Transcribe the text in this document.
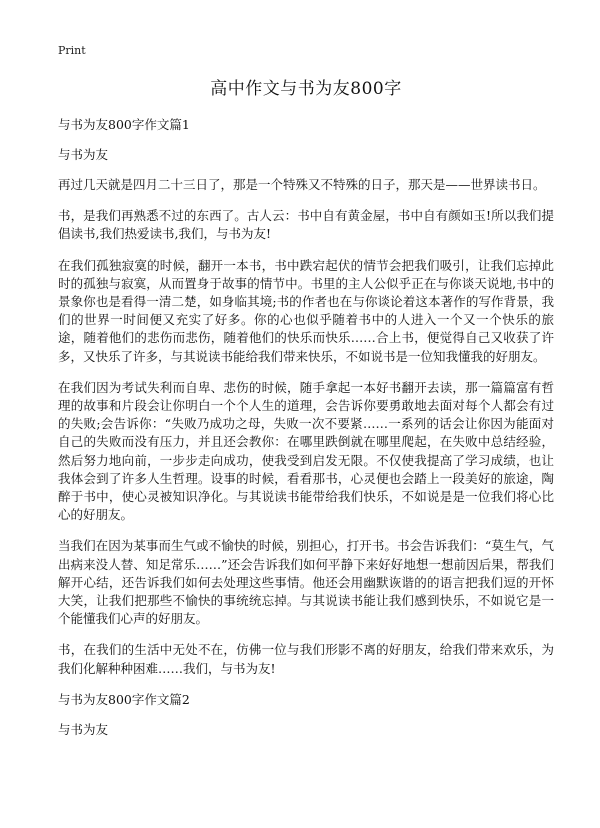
Print
高中作文与书为友800字
与书为友800字作文篇1
与书为友

再过几天就是四月二十三日了，那是一个特殊又不特殊的日子，那天是——世界读书日。

书，是我们再熟悉不过的东西了。古人云：书中自有黄金屋，书中自有颜如玉!所以我们提倡读书,我们热爱读书,我们，与书为友!

在我们孤独寂寞的时候，翻开一本书，书中跌宕起伏的情节会把我们吸引，让我们忘掉此时的孤独与寂寞，从而置身于故事的情节中。书里的主人公似乎正在与你谈天说地,书中的景象你也是看得一清二楚，如身临其境;书的作者也在与你谈论着这本著作的写作背景，我们的世界一时间便又充实了好多。你的心也似乎随着书中的人进入一个又一个快乐的旅途，随着他们的悲伤而悲伤，随着他们的快乐而快乐……合上书，便觉得自己又收获了许多，又快乐了许多，与其说读书能给我们带来快乐，不如说书是一位知我懂我的好朋友。

在我们因为考试失利而自卑、悲伤的时候，随手拿起一本好书翻开去读，那一篇篇富有哲理的故事和片段会让你明白一个个人生的道理，会告诉你要勇敢地去面对每个人都会有过的失败;会告诉你：“失败乃成功之母，失败一次不要紧……一系列的话会让你因为能面对自己的失败而没有压力，并且还会教你：在哪里跌倒就在哪里爬起，在失败中总结经验，然后努力地向前，一步步走向成功，使我受到启发无限。不仅使我提高了学习成绩，也让我体会到了许多人生哲理。设事的时候，看看那书，心灵便也会踏上一段美好的旅途，陶醉于书中，使心灵被知识净化。与其说读书能带给我们快乐，不如说是是一位我们将心比心的好朋友。

当我们在因为某事而生气或不愉快的时候，别担心，打开书。书会告诉我们：“莫生气，气出病来没人替、知足常乐……”还会告诉我们如何平静下来好好地想一想前因后果，帮我们解开心结，还告诉我们如何去处理这些事情。他还会用幽默诙谐的的语言把我们逗的开怀大笑，让我们把那些不愉快的事统统忘掉。与其说读书能让我们感到快乐，不如说它是一个能懂我们心声的好朋友。

书，在我们的生活中无处不在，仿佛一位与我们形影不离的好朋友，给我们带来欢乐，为我们化解种种困难……我们，与书为友!

与书为友800字作文篇2
与书为友
